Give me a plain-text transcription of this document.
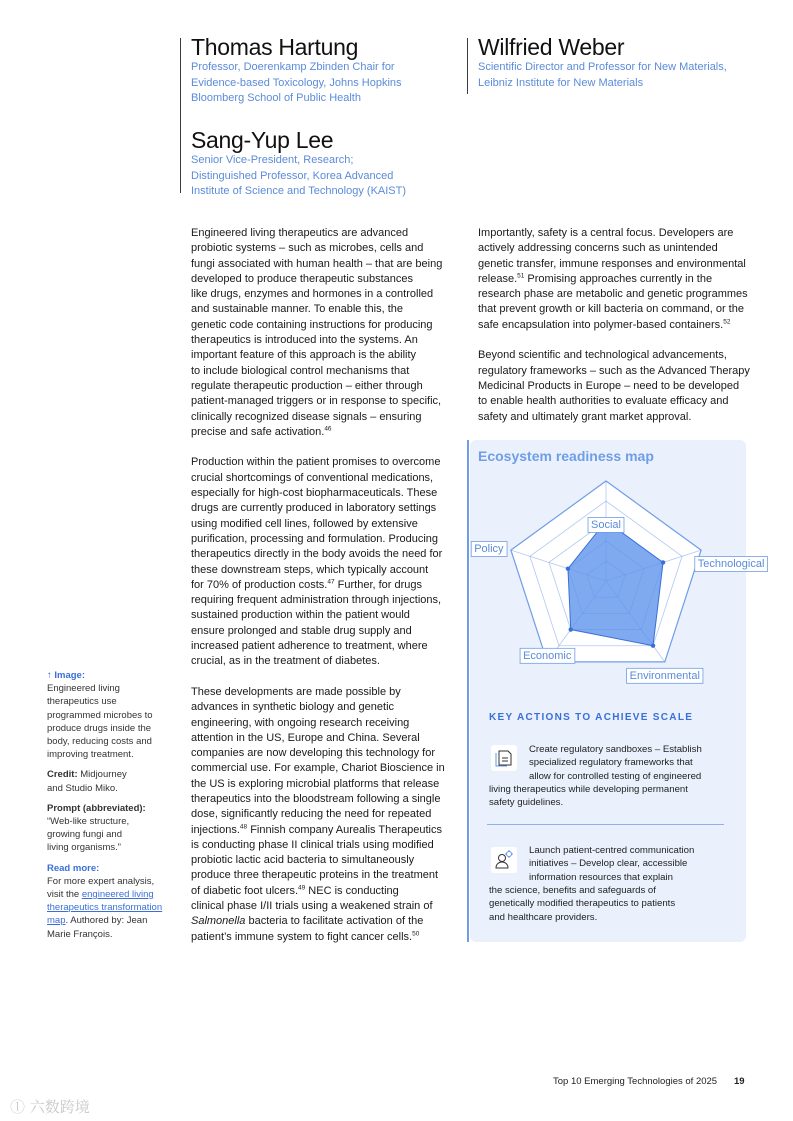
Thomas Hartung
Professor, Doerenkamp Zbinden Chair for
Evidence-based Toxicology, Johns Hopkins
Bloomberg School of Public Health
Wilfried Weber
Scientific Director and Professor for New Materials,
Leibniz Institute for New Materials
Sang-Yup Lee
Senior Vice-President, Research;
Distinguished Professor, Korea Advanced
Institute of Science and Technology (KAIST)

Engineered living therapeutics are advanced
probiotic systems – such as microbes, cells and
fungi associated with human health – that are being
developed to produce therapeutic substances
like drugs, enzymes and hormones in a controlled
and sustainable manner. To enable this, the
genetic code containing instructions for producing
therapeutics is introduced into the systems. An
important feature of this approach is the ability
to include biological control mechanisms that
regulate therapeutic production – either through
patient-managed triggers or in response to specific,
clinically recognized disease signals – ensuring
precise and safe activation.$^{46}$

Production within the patient promises to overcome
crucial shortcomings of conventional medications,
especially for high-cost biopharmaceuticals. These
drugs are currently produced in laboratory settings
using modified cell lines, followed by extensive
purification, processing and formulation. Producing
therapeutics directly in the body avoids the need for
these downstream steps, which typically account
for 70% of production costs.$^{47}$ Further, for drugs
requiring frequent administration through injections,
sustained production within the patient would
ensure prolonged and stable drug supply and
increased patient adherence to treatment, where
crucial, as in the treatment of diabetes.

These developments are made possible by
advances in synthetic biology and genetic
engineering, with ongoing research receiving
attention in the US, Europe and China. Several
companies are now developing this technology for
commercial use. For example, Chariot Bioscience in
the US is exploring microbial platforms that release
therapeutics into the bloodstream following a single
dose, significantly reducing the need for repeated
injections.$^{48}$ Finnish company Aurealis Therapeutics
is conducting phase II clinical trials using modified
probiotic lactic acid bacteria to simultaneously
produce three therapeutic proteins in the treatment
of diabetic foot ulcers.$^{49}$ NEC is conducting
clinical phase I/II trials using a weakened strain of
Salmonella bacteria to facilitate activation of the
patient’s immune system to fight cancer cells.$^{50}$

Importantly, safety is a central focus. Developers are
actively addressing concerns such as unintended
genetic transfer, immune responses and environmental
release.$^{51}$ Promising approaches currently in the
research phase are metabolic and genetic programmes
that prevent growth or kill bacteria on command, or the
safe encapsulation into polymer-based containers.$^{52}$

Beyond scientific and technological advancements,
regulatory frameworks – such as the Advanced Therapy
Medicinal Products in Europe – need to be developed
to enable health authorities to evaluate efficacy and
safety and ultimately grant market approval.

↑ Image:
Engineered living
therapeutics use
programmed microbes to
produce drugs inside the
body, reducing costs and
improving treatment.

Credit: Midjourney
and Studio Miko.

Prompt (abbreviated):
“Web-like structure,
growing fungi and
living organisms.”

Read more:
For more expert analysis,
visit the engineered living
therapeutics transformation
map. Authored by: Jean
Marie François.

Ecosystem readiness map
Social
Technological
Environmental
Economic
Policy
KEY ACTIONS TO ACHIEVE SCALE
Create regulatory sandboxes – Establish
specialized regulatory frameworks that
allow for controlled testing of engineered
living therapeutics while developing permanent
safety guidelines.
Launch patient-centred communication
initiatives – Develop clear, accessible
information resources that explain
the science, benefits and safeguards of
genetically modified therapeutics to patients
and healthcare providers.
Top 10 Emerging Technologies of 2025 19
ⓛ 六数跨境
